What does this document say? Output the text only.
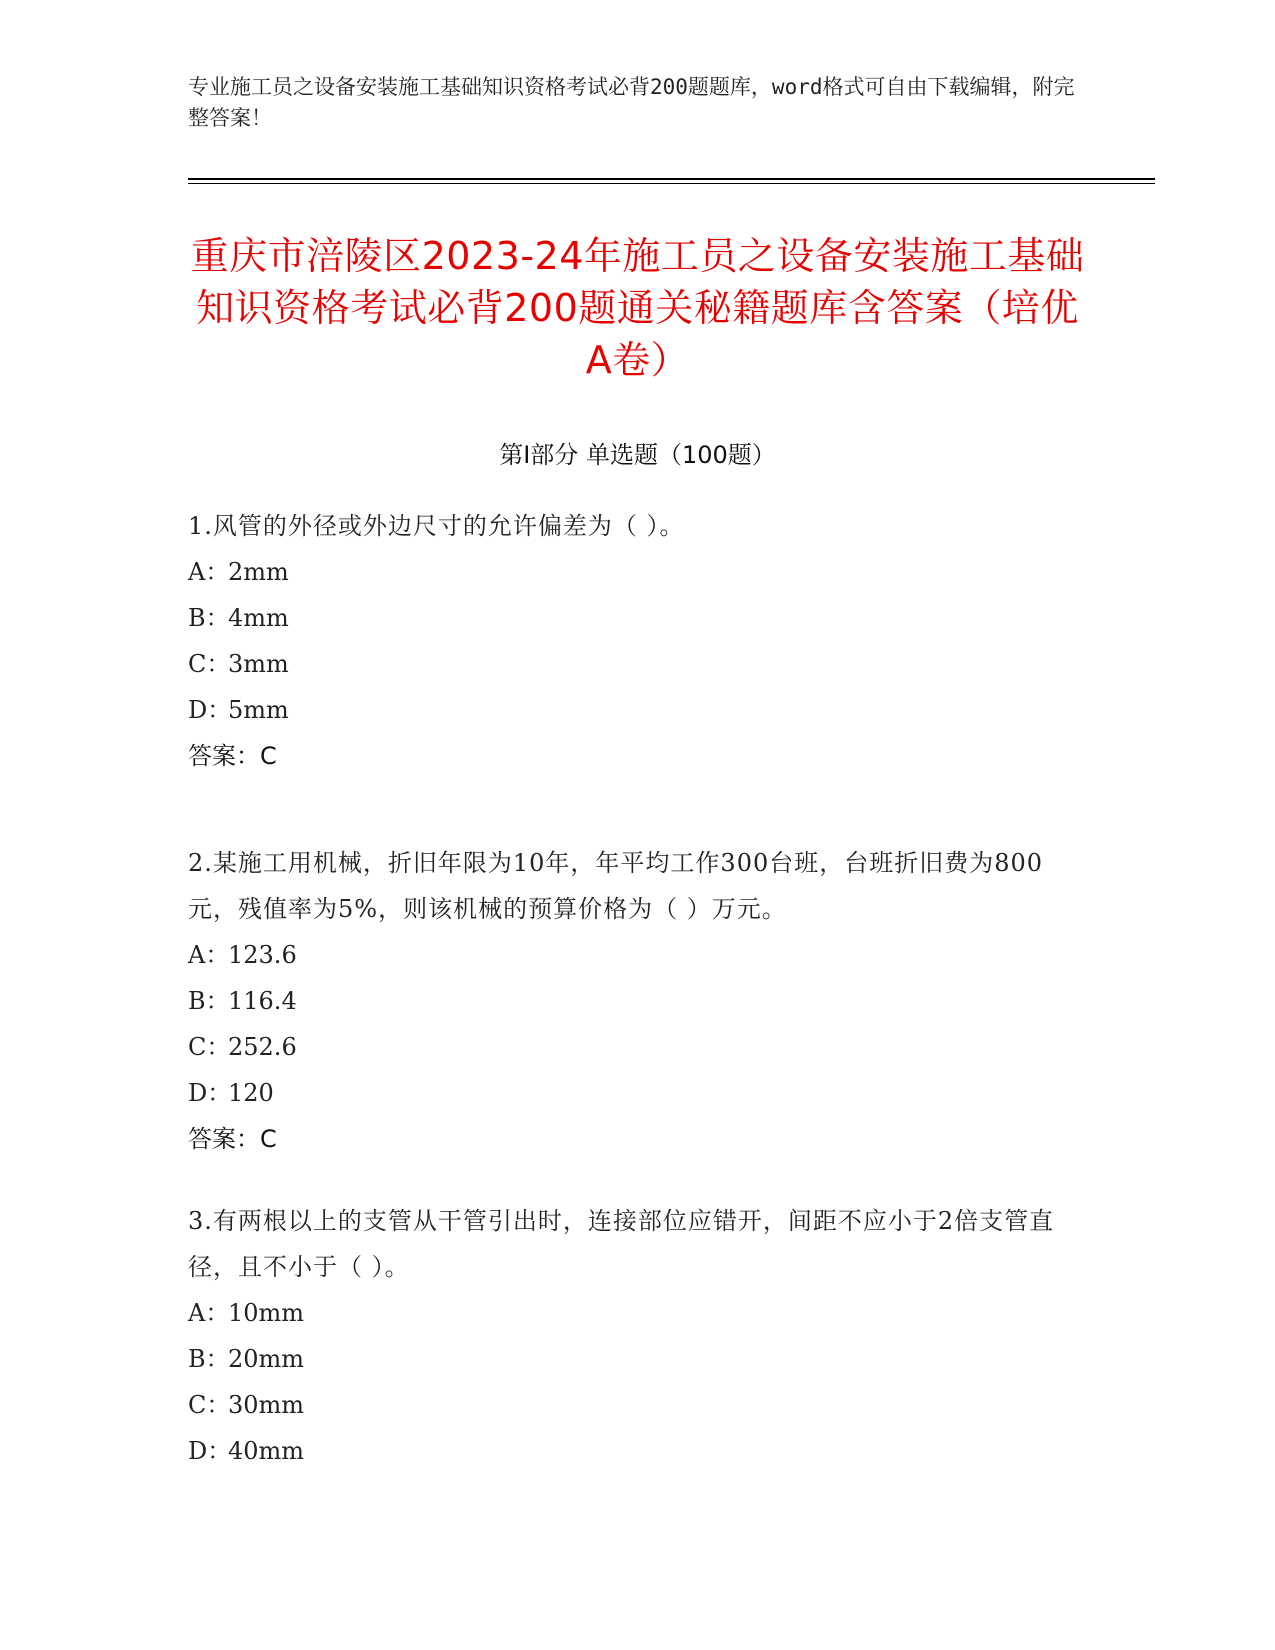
专业施工员之设备安装施工基础知识资格考试必背200题题库，word格式可自由下载编辑，附完整答案！
重庆市涪陵区2023-24年施工员之设备安装施工基础知识资格考试必背200题通关秘籍题库含答案（培优A卷）
第I部分 单选题（100题）
1.风管的外径或外边尺寸的允许偏差为（ ）。
A：2mm
B：4mm
C：3mm
D：5mm
答案：C
2.某施工用机械，折旧年限为10年，年平均工作300台班，台班折旧费为800元，残值率为5%，则该机械的预算价格为（ ）万元。
A：123.6
B：116.4
C：252.6
D：120
答案：C
3.有两根以上的支管从干管引出时，连接部位应错开，间距不应小于2倍支管直径，且不小于（ ）。
A：10mm
B：20mm
C：30mm
D：40mm
